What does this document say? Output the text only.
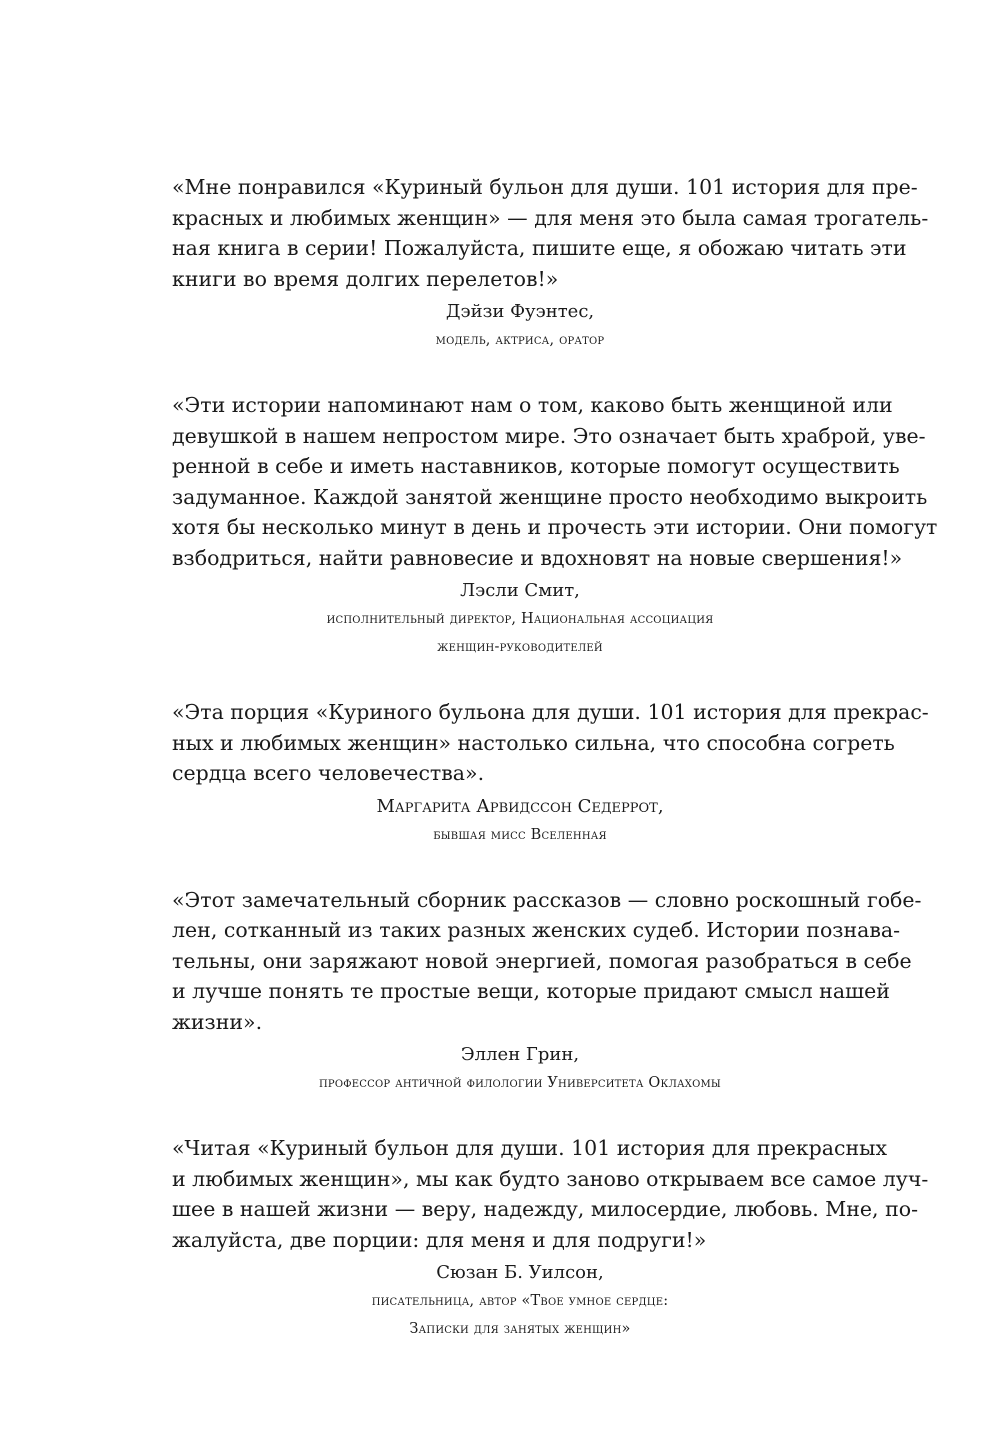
«Мне понравился «Куриный бульон для души. 101 история для пре-
красных и любимых женщин» — для меня это была самая трогатель-
ная книга в серии! Пожалуйста, пишите еще, я обожаю читать эти
книги во время долгих перелетов!»

Дэйзи Фуэнтес,
модель, актриса, оратор

«Эти истории напоминают нам о том, каково быть женщиной или
девушкой в нашем непростом мире. Это означает быть храброй, уве-
ренной в себе и иметь наставников, которые помогут осуществить
задуманное. Каждой занятой женщине просто необходимо выкроить
хотя бы несколько минут в день и прочесть эти истории. Они помогут
взбодриться, найти равновесие и вдохновят на новые свершения!»

Лэсли Смит,
исполнительный директор, Национальная ассоциация
женщин-руководителей

«Эта порция «Куриного бульона для души. 101 история для прекрас-
ных и любимых женщин» настолько сильна, что способна согреть
сердца всего человечества».

Маргарита Арвидссон Седеррот,
бывшая мисс Вселенная

«Этот замечательный сборник рассказов — словно роскошный гобе-
лен, сотканный из таких разных женских судеб. Истории познава-
тельны, они заряжают новой энергией, помогая разобраться в себе
и лучше понять те простые вещи, которые придают смысл нашей
жизни».

Эллен Грин,
профессор античной филологии Университета Оклахомы

«Читая «Куриный бульон для души. 101 история для прекрасных
и любимых женщин», мы как будто заново открываем все самое луч-
шее в нашей жизни — веру, надежду, милосердие, любовь. Мне, по-
жалуйста, две порции: для меня и для подруги!»

Сюзан Б. Уилсон,
писательница, автор «Твое умное сердце:
Записки для занятых женщин»
